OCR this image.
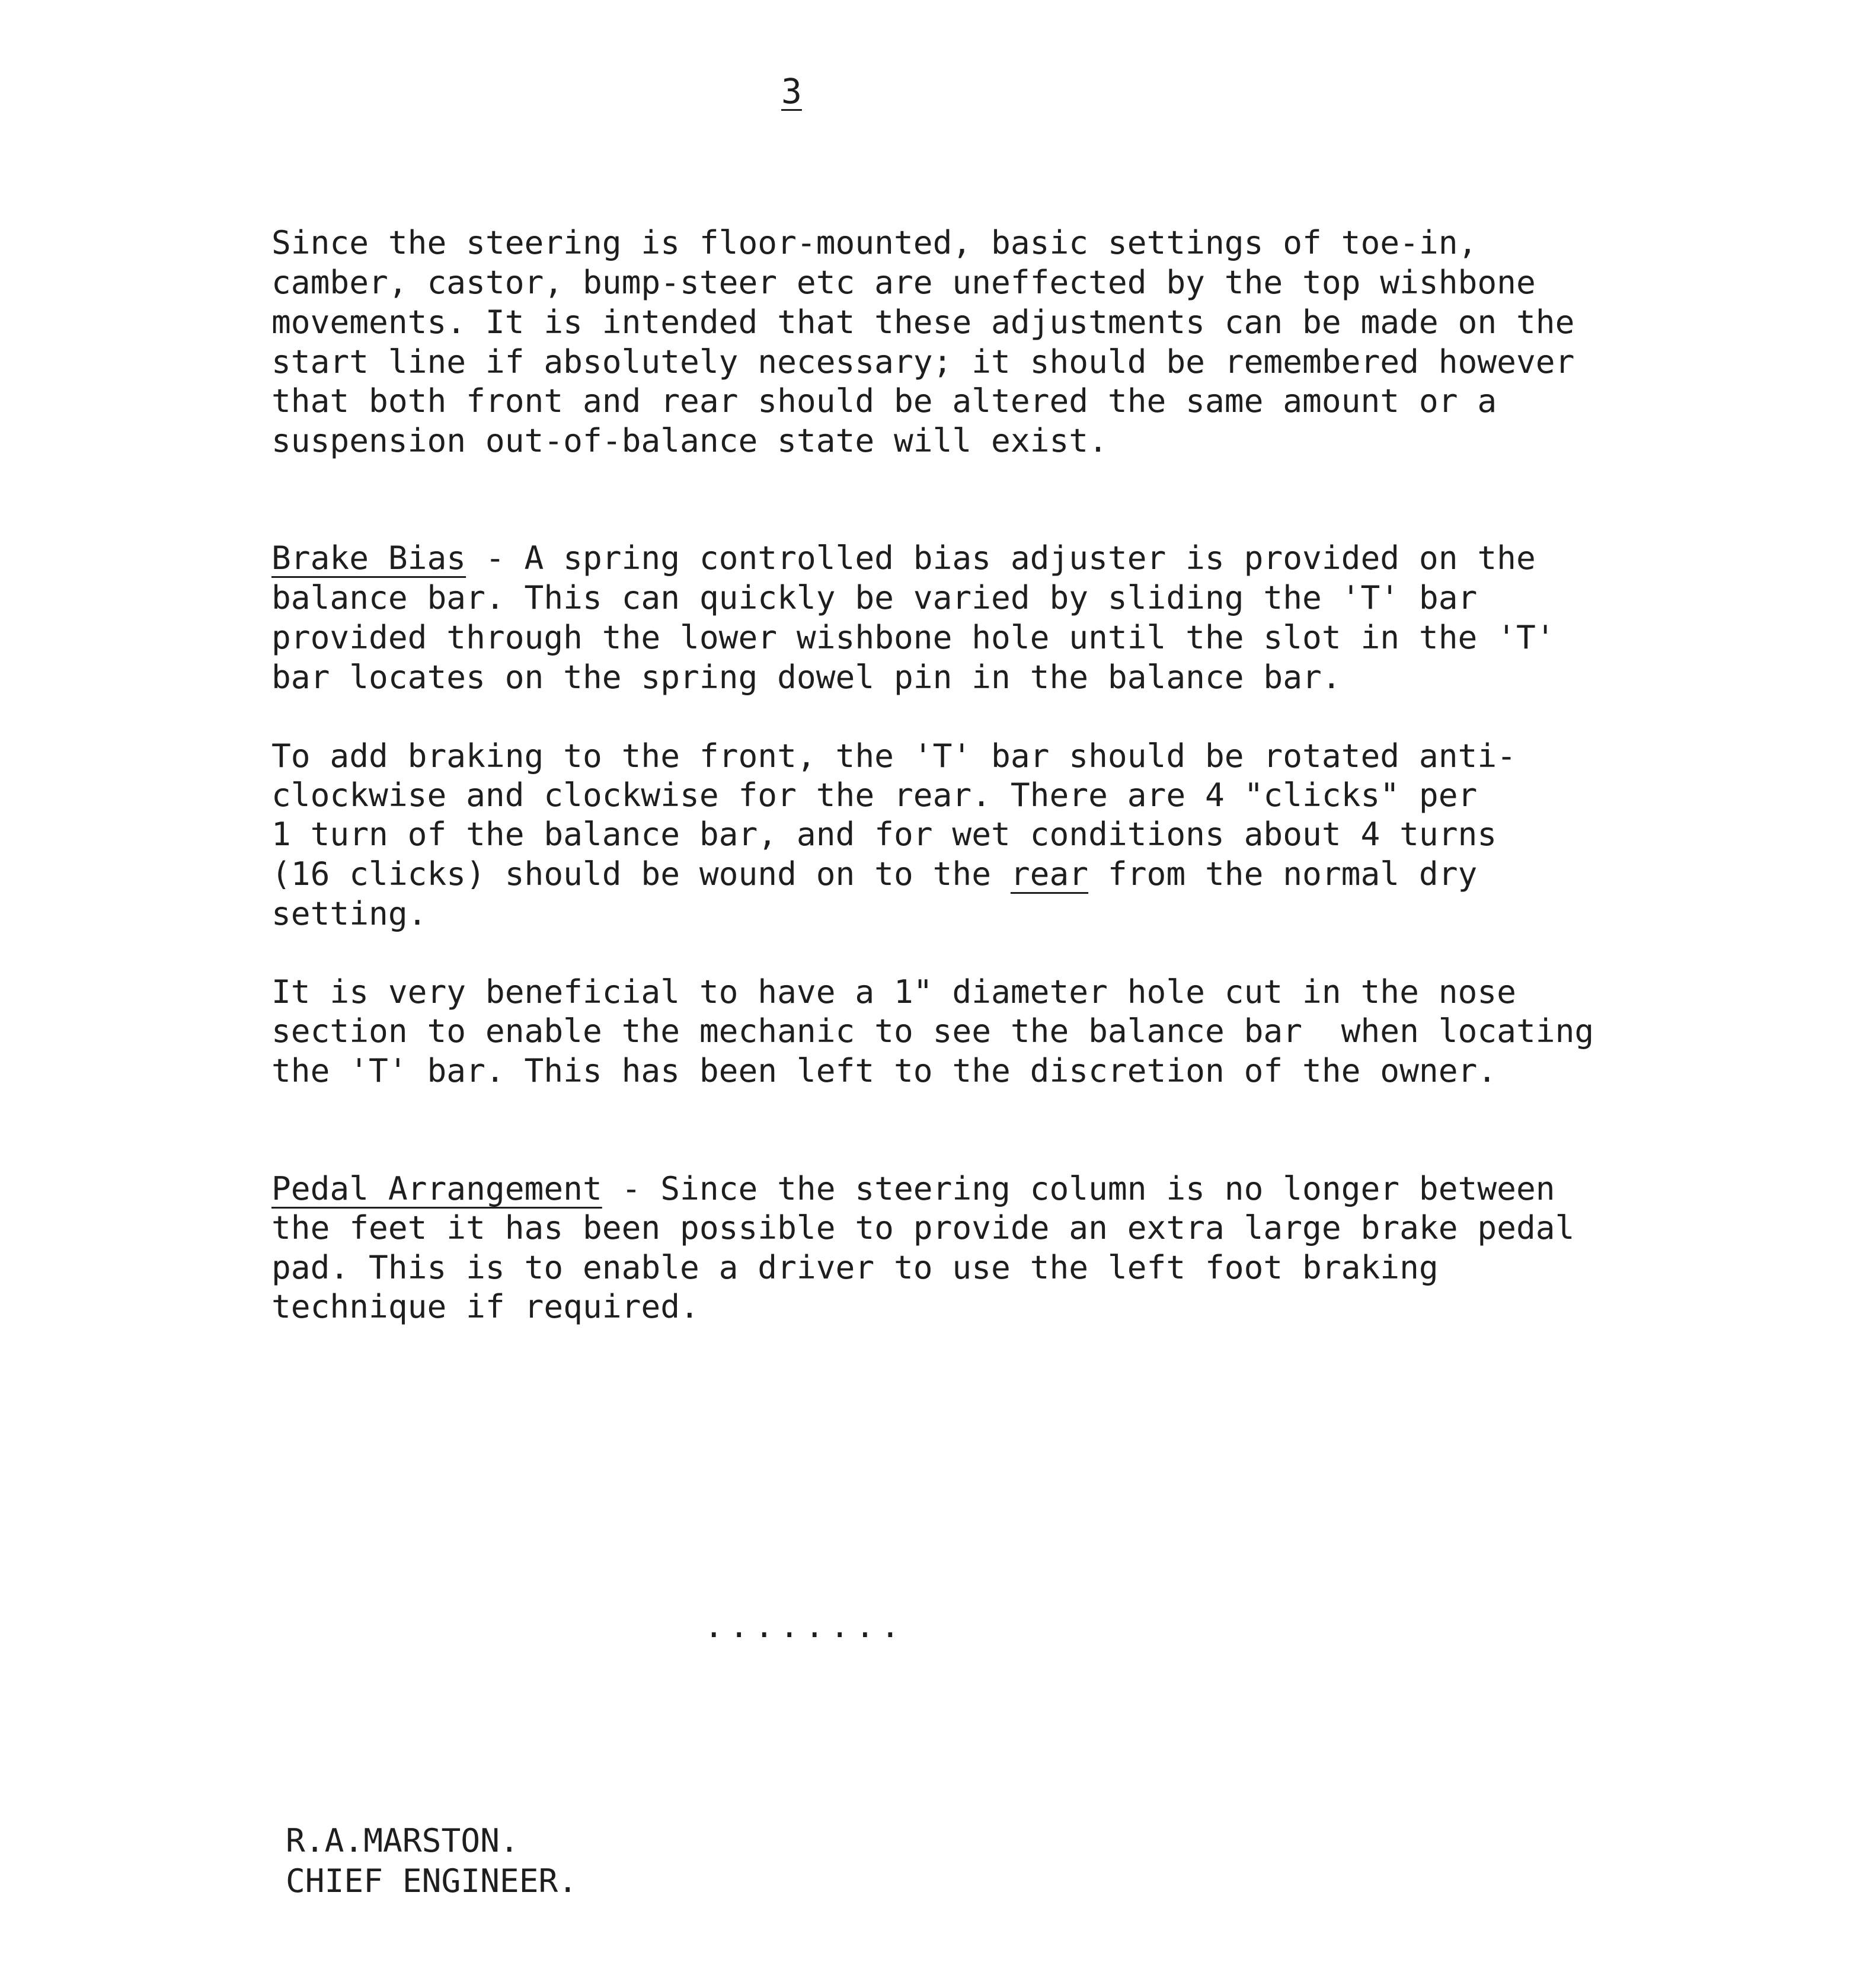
3
Since the steering is floor-mounted, basic settings of toe-in,
camber, castor, bump-steer etc are uneffected by the top wishbone
movements. It is intended that these adjustments can be made on the
start line if absolutely necessary; it should be remembered however
that both front and rear should be altered the same amount or a
suspension out-of-balance state will exist.
Brake Bias - A spring controlled bias adjuster is provided on the
balance bar. This can quickly be varied by sliding the 'T' bar
provided through the lower wishbone hole until the slot in the 'T'
bar locates on the spring dowel pin in the balance bar.
To add braking to the front, the 'T' bar should be rotated anti-
clockwise and clockwise for the rear. There are 4 "clicks" per
1 turn of the balance bar, and for wet conditions about 4 turns
(16 clicks) should be wound on to the rear from the normal dry
setting.
It is very beneficial to have a 1" diameter hole cut in the nose
section to enable the mechanic to see the balance bar  when locating
the 'T' bar. This has been left to the discretion of the owner.
Pedal Arrangement - Since the steering column is no longer between
the feet it has been possible to provide an extra large brake pedal
pad. This is to enable a driver to use the left foot braking
technique if required.
........
R.A.MARSTON.
CHIEF ENGINEER.
